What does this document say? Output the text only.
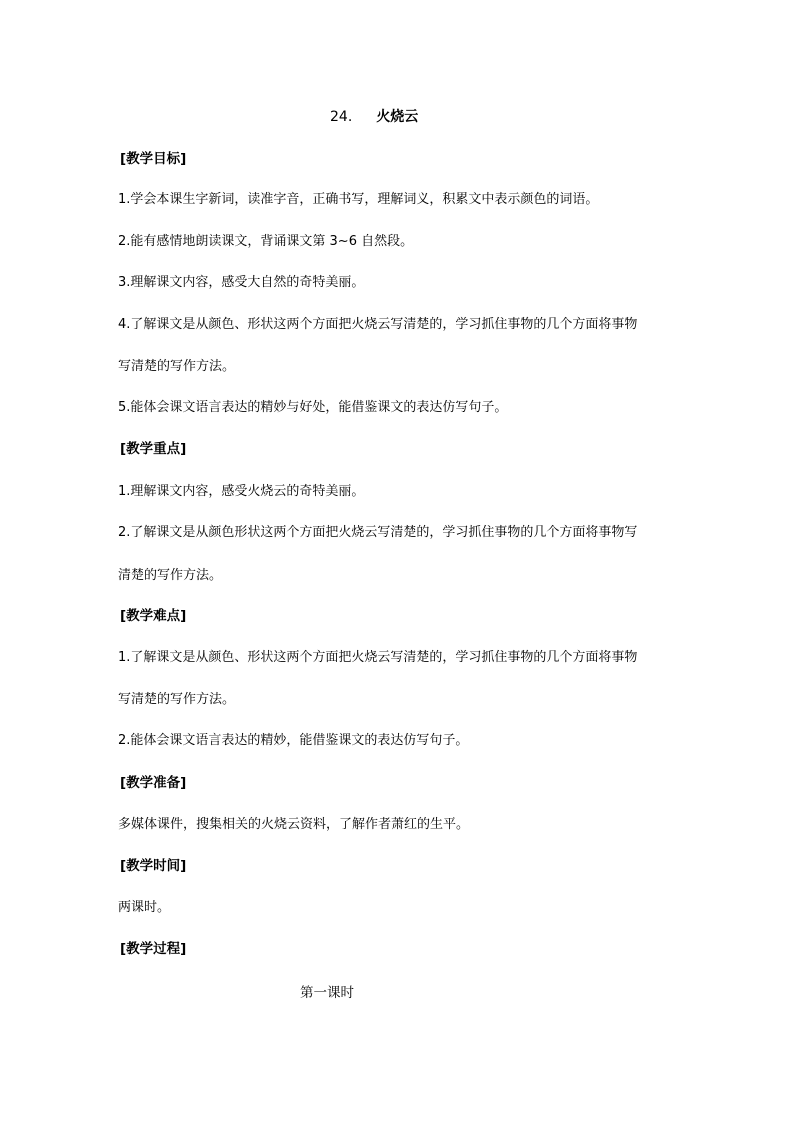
24. 火烧云
[教学目标]
1.学会本课生字新词，读准字音，正确书写，理解词义，积累文中表示颜色的词语。
2.能有感情地朗读课文，背诵课文第 3~6 自然段。
3.理解课文内容，感受大自然的奇特美丽。
4.了解课文是从颜色、形状这两个方面把火烧云写清楚的，学习抓住事物的几个方面将事物
写清楚的写作方法。
5.能体会课文语言表达的精妙与好处，能借鉴课文的表达仿写句子。
[教学重点]
1.理解课文内容，感受火烧云的奇特美丽。
2.了解课文是从颜色形状这两个方面把火烧云写清楚的，学习抓住事物的几个方面将事物写
清楚的写作方法。
[教学难点]
1.了解课文是从颜色、形状这两个方面把火烧云写清楚的，学习抓住事物的几个方面将事物
写清楚的写作方法。
2.能体会课文语言表达的精妙，能借鉴课文的表达仿写句子。
[教学准备]
多媒体课件，搜集相关的火烧云资料，了解作者萧红的生平。
[教学时间]
两课时。
[教学过程]
第一课时
